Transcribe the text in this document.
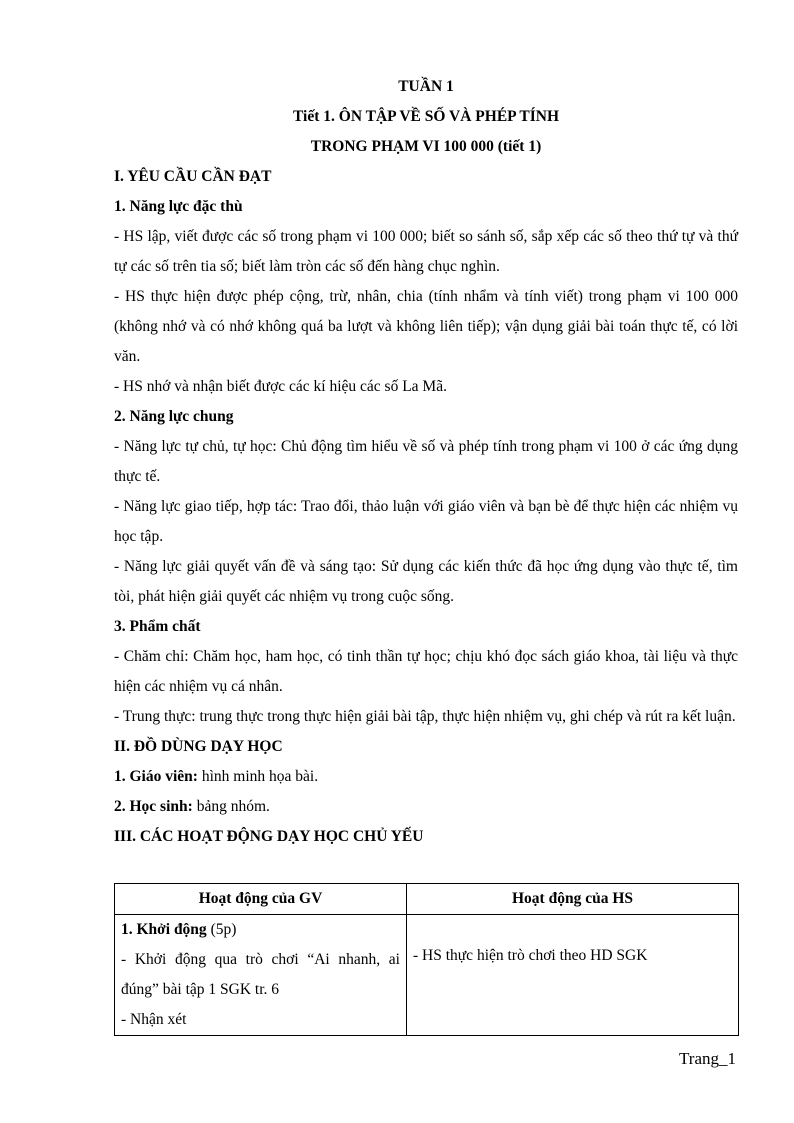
TUẦN 1
Tiết 1. ÔN TẬP VỀ SỐ VÀ PHÉP TÍNH
TRONG PHẠM VI 100 000 (tiết 1)
I. YÊU CẦU CẦN ĐẠT
1. Năng lực đặc thù

- HS lập, viết được các số trong phạm vi 100 000; biết so sánh số, sắp xếp các số theo thứ tự và thứ tự các số trên tia số; biết làm tròn các số đến hàng chục nghìn.

- HS thực hiện được phép cộng, trừ, nhân, chia (tính nhẩm và tính viết) trong phạm vi 100 000 (không nhớ và có nhớ không quá ba lượt và không liên tiếp); vận dụng giải bài toán thực tế, có lời văn.

- HS nhớ và nhận biết được các kí hiệu các số La Mã.

2. Năng lực chung

- Năng lực tự chủ, tự học: Chủ động tìm hiểu về số và phép tính trong phạm vi 100 ở các ứng dụng thực tế.

- Năng lực giao tiếp, hợp tác: Trao đổi, thảo luận với giáo viên và bạn bè để thực hiện các nhiệm vụ học tập.

- Năng lực giải quyết vấn đề và sáng tạo: Sử dụng các kiến thức đã học ứng dụng vào thực tế, tìm tòi, phát hiện giải quyết các nhiệm vụ trong cuộc sống.

3. Phẩm chất

- Chăm chỉ: Chăm học, ham học, có tinh thần tự học; chịu khó đọc sách giáo khoa, tài liệu và thực hiện các nhiệm vụ cá nhân.

- Trung thực: trung thực trong thực hiện giải bài tập, thực hiện nhiệm vụ, ghi chép và rút ra kết luận.

II. ĐỒ DÙNG DẠY HỌC

1. Giáo viên: hình minh họa bài.

2. Học sinh: bảng nhóm.

III. CÁC HOẠT ĐỘNG DẠY HỌC CHỦ YẾU
Hoạt động của GV	Hoạt động của HS

1. Khởi động (5p)
- Khởi động qua trò chơi “Ai nhanh, ai đúng” bài tập 1 SGK tr. 6
- Nhận xét	- HS thực hiện trò chơi theo HD SGK
Trang_1
